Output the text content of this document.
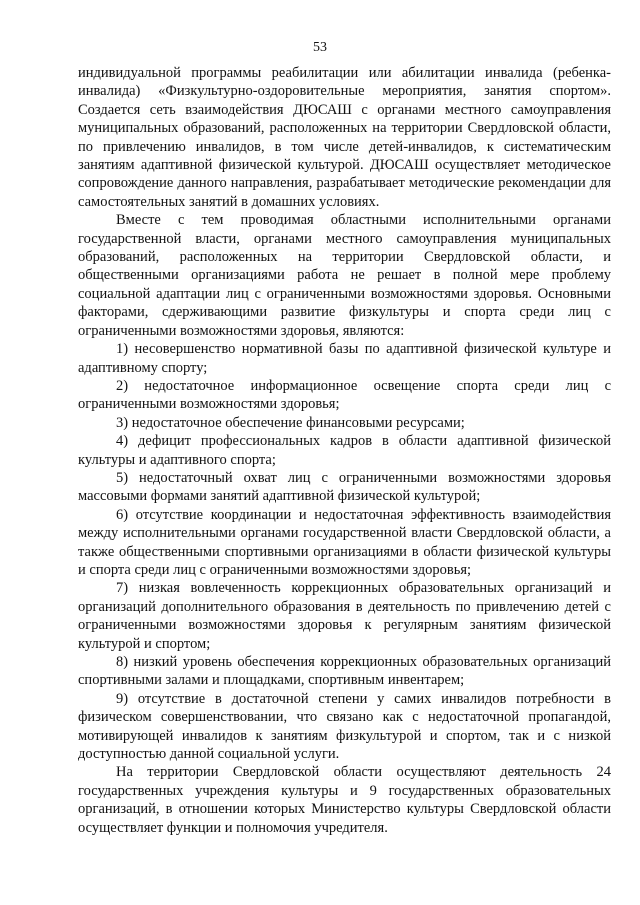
53

индивидуальной программы реабилитации или абилитации инвалида (ребенка-инвалида) «Физкультурно-оздоровительные мероприятия, занятия спортом». Создается сеть взаимодействия ДЮСАШ с органами местного самоуправления муниципальных образований, расположенных на территории Свердловской области, по привлечению инвалидов, в том числе детей-инвалидов, к систематическим занятиям адаптивной физической культурой. ДЮСАШ осуществляет методическое сопровождение данного направления, разрабатывает методические рекомендации для самостоятельных занятий в домашних условиях.

Вместе с тем проводимая областными исполнительными органами государственной власти, органами местного самоуправления муниципальных образований, расположенных на территории Свердловской области, и общественными организациями работа не решает в полной мере проблему социальной адаптации лиц с ограниченными возможностями здоровья. Основными факторами, сдерживающими развитие физкультуры и спорта среди лиц с ограниченными возможностями здоровья, являются:

1) несовершенство нормативной базы по адаптивной физической культуре и адаптивному спорту;

2) недостаточное информационное освещение спорта среди лиц с ограниченными возможностями здоровья;

3) недостаточное обеспечение финансовыми ресурсами;

4) дефицит профессиональных кадров в области адаптивной физической культуры и адаптивного спорта;

5) недостаточный охват лиц с ограниченными возможностями здоровья массовыми формами занятий адаптивной физической культурой;

6) отсутствие координации и недостаточная эффективность взаимодействия между исполнительными органами государственной власти Свердловской области, а также общественными спортивными организациями в области физической культуры и спорта среди лиц с ограниченными возможностями здоровья;

7) низкая вовлеченность коррекционных образовательных организаций и организаций дополнительного образования в деятельность по привлечению детей с ограниченными возможностями здоровья к регулярным занятиям физической культурой и спортом;

8) низкий уровень обеспечения коррекционных образовательных организаций спортивными залами и площадками, спортивным инвентарем;

9) отсутствие в достаточной степени у самих инвалидов потребности в физическом совершенствовании, что связано как с недостаточной пропагандой, мотивирующей инвалидов к занятиям физкультурой и спортом, так и с низкой доступностью данной социальной услуги.

На территории Свердловской области осуществляют деятельность 24 государственных учреждения культуры и 9 государственных образовательных организаций, в отношении которых Министерство культуры Свердловской области осуществляет функции и полномочия учредителя.
